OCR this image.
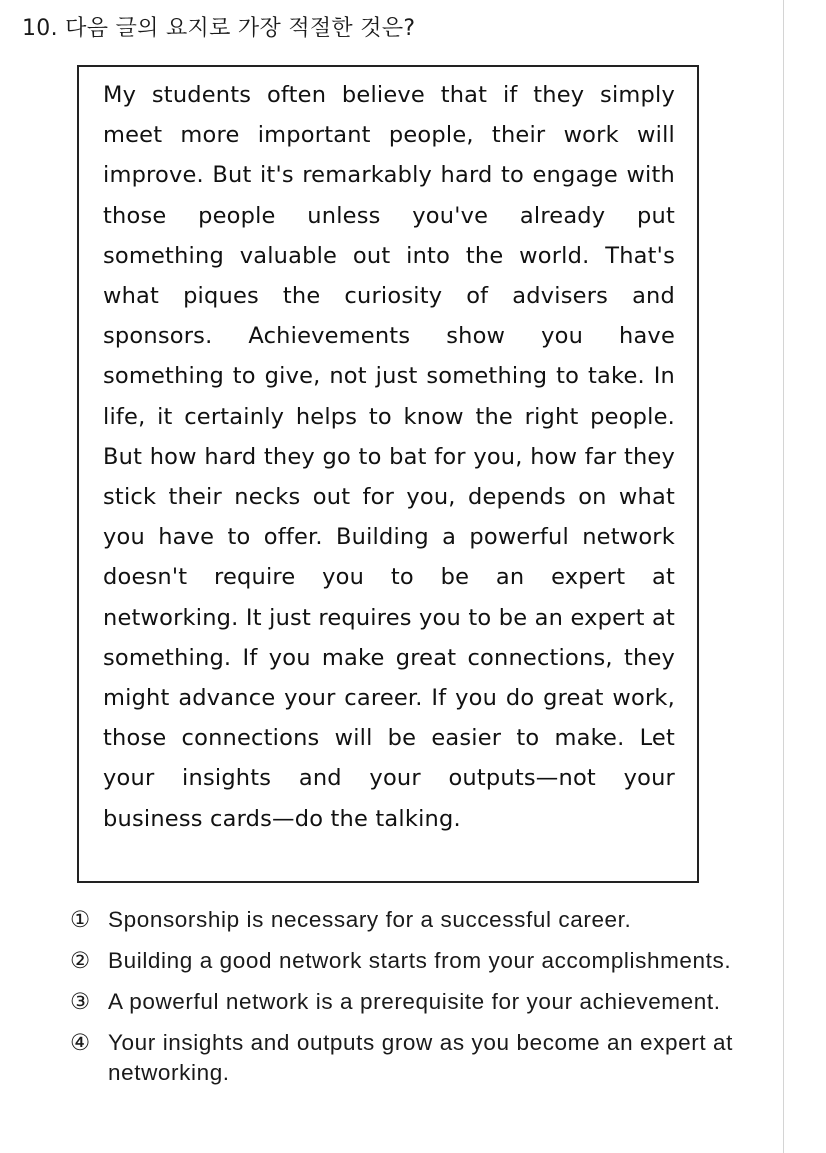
10. 다음 글의 요지로 가장 적절한 것은?
My students often believe that if they simply meet more important people, their work will improve. But it's remarkably hard to engage with those people unless you've already put something valuable out into the world. That's what piques the curiosity of advisers and sponsors. Achievements show you have something to give, not just something to take. In life, it certainly helps to know the right people. But how hard they go to bat for you, how far they stick their necks out for you, depends on what you have to offer. Building a powerful network doesn't require you to be an expert at networking. It just requires you to be an expert at something. If you make great connections, they might advance your career. If you do great work, those connections will be easier to make. Let your insights and your outputs—not your business cards—do the talking.
① Sponsorship is necessary for a successful career.
② Building a good network starts from your accomplishments.
③ A powerful network is a prerequisite for your achievement.
④ Your insights and outputs grow as you become an expert at networking.
